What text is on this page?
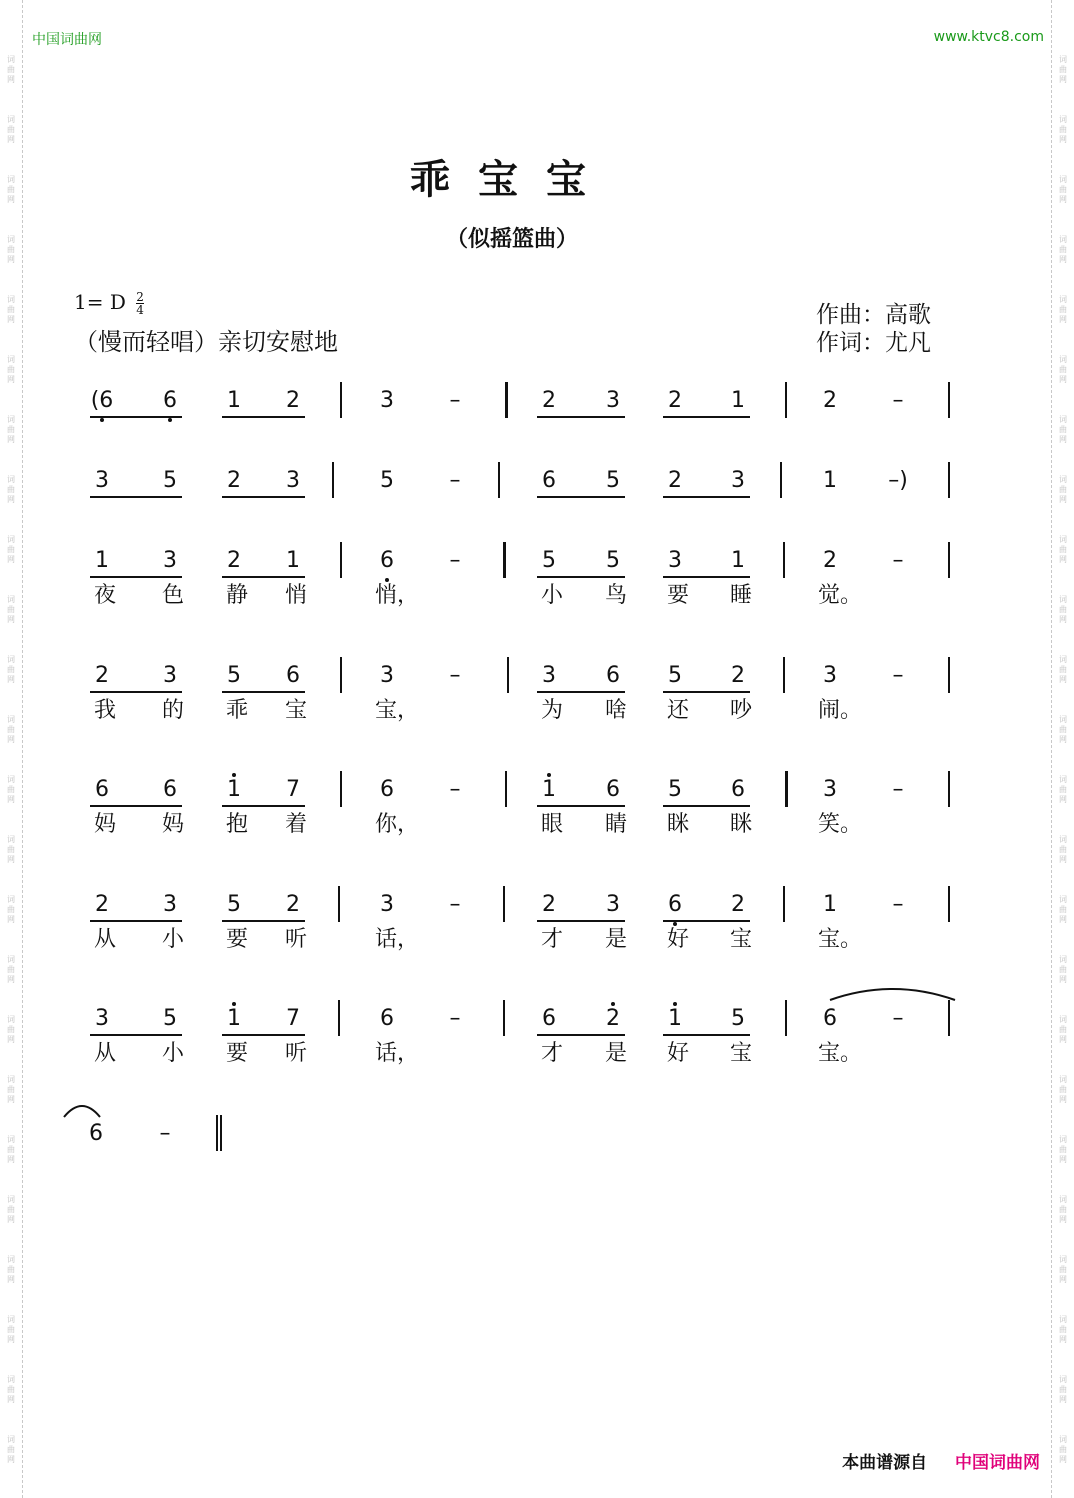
词
曲
网
词
曲
网
词
曲
网
词
曲
网
词
曲
网
词
曲
网
词
曲
网
词
曲
网
词
曲
网
词
曲
网
词
曲
网
词
曲
网
词
曲
网
词
曲
网
词
曲
网
词
曲
网
词
曲
网
词
曲
网
词
曲
网
词
曲
网
词
曲
网
词
曲
网
词
曲
网
词
曲
网
词
曲
网
词
曲
网
词
曲
网
词
曲
网
词
曲
网
词
曲
网
词
曲
网
词
曲
网
词
曲
网
词
曲
网
词
曲
网
词
曲
网
词
曲
网
词
曲
网
词
曲
网
词
曲
网
词
曲
网
词
曲
网
词
曲
网
词
曲
网
词
曲
网
词
曲
网
词
曲
网
词
曲
网
中国词曲网	www.ktvc8.com
乖宝宝
（似摇篮曲）
1= D $\frac{2}{4}$
（慢而轻唱）亲切安慰地
作曲：高歌
作词：尤凡
(6 6 1 2	3	–	2 3 2 1	2	–
3 5 2 3	5	–	6 5 2 3	1 –)
1 3 2 1	6	–	5 5 3 1	2	–
夜 色 静 悄	悄，	小 鸟 要 睡	觉。
2 3 5 6	3	–	3 6 5 2	3	–
我 的 乖 宝	宝，	为 啥 还 吵	闹。
6 6 1 7	6	–	1 6 5 6	3	–
妈 妈 抱 着	你，	眼 睛 眯 眯	笑。
2 3 5 2	3	–	2 3 6 2	1	–
从 小 要 听	话，	才 是 好 宝	宝。
3 5 1 7	6	–	6 2 1 5	6	–
从 小 要 听	话，	才 是 好 宝	宝。
6	–
本曲谱源自 中国词曲网
